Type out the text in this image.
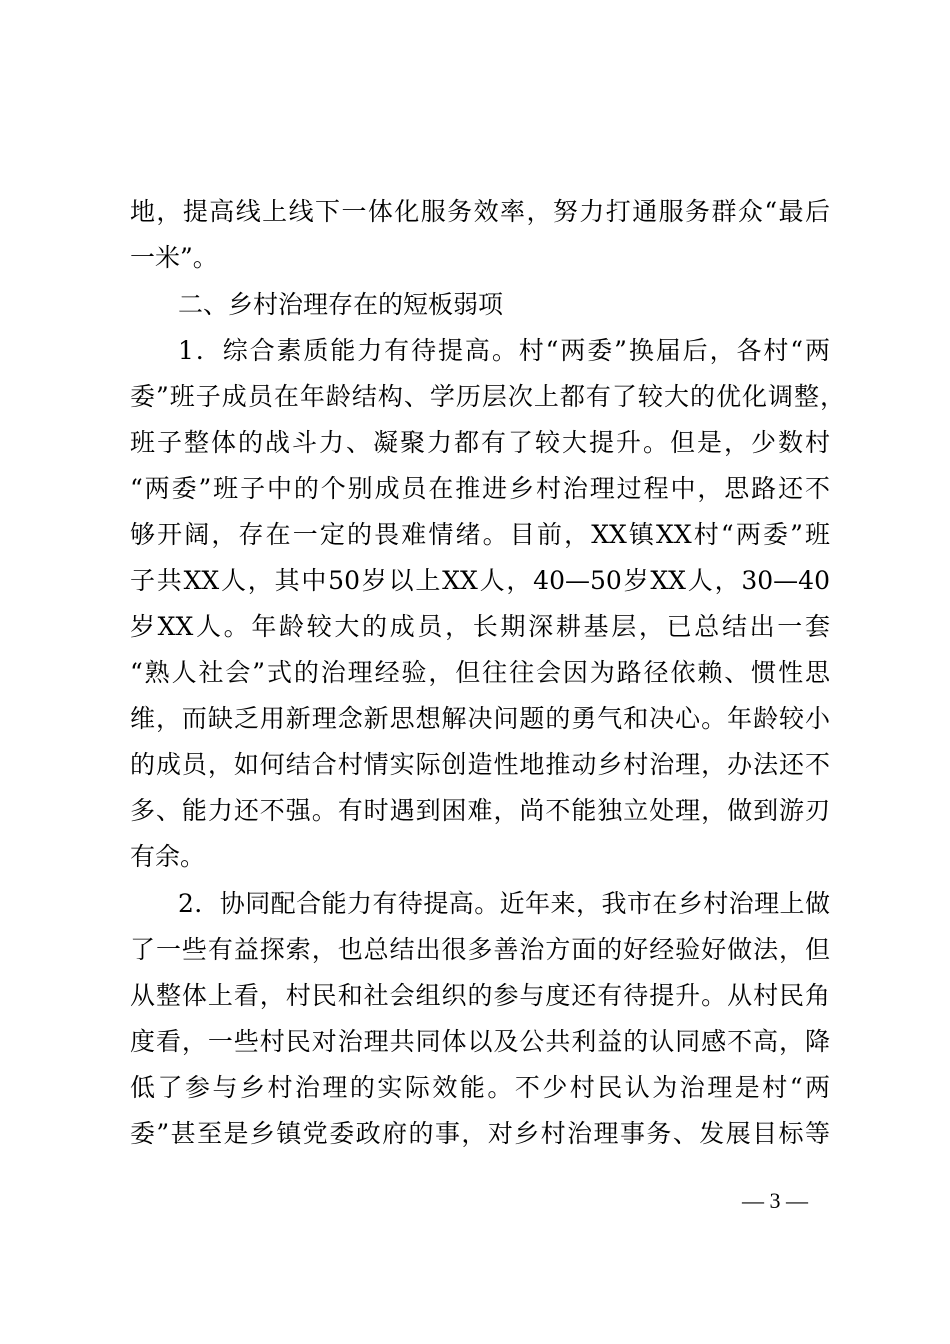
地，提高线上线下一体化服务效率，努力打通服务群众“最后
一米”。
二、乡村治理存在的短板弱项
1．综合素质能力有待提高。村“两委”换届后，各村“两
委”班子成员在年龄结构、学历层次上都有了较大的优化调整，
班子整体的战斗力、凝聚力都有了较大提升。但是，少数村
“两委”班子中的个别成员在推进乡村治理过程中，思路还不
够开阔，存在一定的畏难情绪。目前，XX镇XX村“两委”班
子共XX人，其中50岁以上XX人，40—50岁XX人，30—40
岁XX人。年龄较大的成员，长期深耕基层，已总结出一套
“熟人社会”式的治理经验，但往往会因为路径依赖、惯性思
维，而缺乏用新理念新思想解决问题的勇气和决心。年龄较小
的成员，如何结合村情实际创造性地推动乡村治理，办法还不
多、能力还不强。有时遇到困难，尚不能独立处理，做到游刃
有余。
2．协同配合能力有待提高。近年来，我市在乡村治理上做
了一些有益探索，也总结出很多善治方面的好经验好做法，但
从整体上看，村民和社会组织的参与度还有待提升。从村民角
度看，一些村民对治理共同体以及公共利益的认同感不高，降
低了参与乡村治理的实际效能。不少村民认为治理是村“两
委”甚至是乡镇党委政府的事，对乡村治理事务、发展目标等
— 3 —
